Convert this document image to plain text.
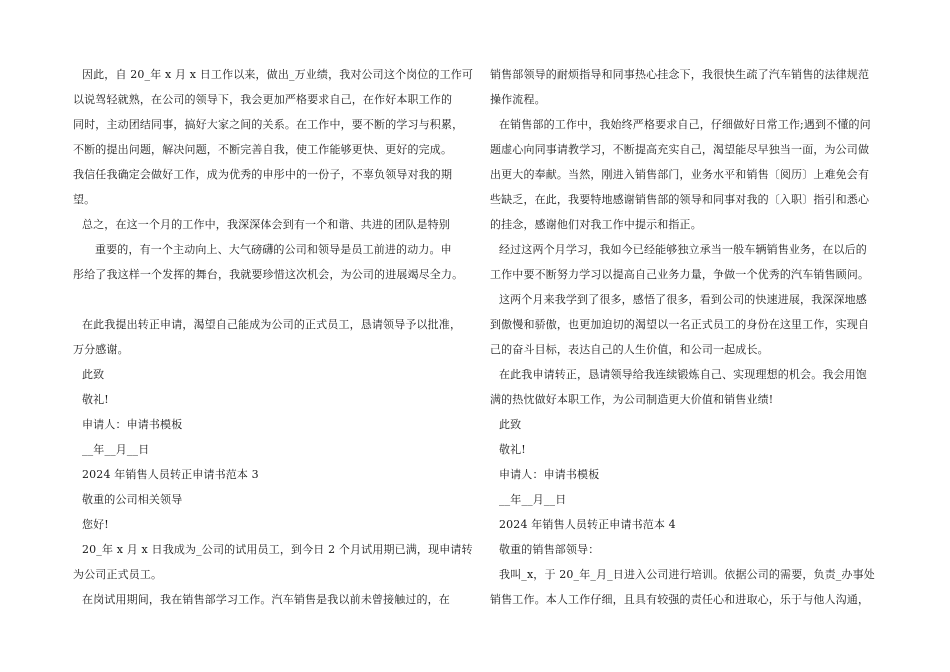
因此，自 20_年 x 月 x 日工作以来，做出_万业绩，我对公司这个岗位的工作可
以说驾轻就熟，在公司的领导下，我会更加严格要求自己，在作好本职工作的
同时，主动团结同事，搞好大家之间的关系。在工作中，要不断的学习与积累，
不断的提出问题，解决问题，不断完善自我，使工作能够更快、更好的完成。
我信任我确定会做好工作，成为优秀的申彤中的一份子，不辜负领导对我的期
望。
总之，在这一个月的工作中，我深深体会到有一个和谐、共进的团队是特别
重要的，有一个主动向上、大气磅礴的公司和领导是员工前进的动力。申
彤给了我这样一个发挥的舞台，我就要珍惜这次机会，为公司的进展竭尽全力。
在此我提出转正申请，渴望自己能成为公司的正式员工，恳请领导予以批准，
万分感谢。
此致
敬礼!
申请人：申请书模板
__年__月__日
2024 年销售人员转正申请书范本 3
敬重的公司相关领导
您好!
20_年 x 月 x 日我成为_公司的试用员工，到今日 2 个月试用期已满，现申请转
为公司正式员工。
在岗试用期间，我在销售部学习工作。汽车销售是我以前未曾接触过的，在
销售部领导的耐烦指导和同事热心挂念下，我很快生疏了汽车销售的法律规范
操作流程。
在销售部的工作中，我始终严格要求自己，仔细做好日常工作;遇到不懂的问
题虚心向同事请教学习，不断提高充实自己，渴望能尽早独当一面，为公司做
出更大的奉献。当然，刚进入销售部门，业务水平和销售〔阅历〕上难免会有
些缺乏，在此，我要特地感谢销售部的领导和同事对我的〔入职〕指引和悉心
的挂念，感谢他们对我工作中提示和指正。
经过这两个月学习，我如今已经能够独立承当一般车辆销售业务，在以后的
工作中要不断努力学习以提高自己业务力量，争做一个优秀的汽车销售顾问。
这两个月来我学到了很多，感悟了很多，看到公司的快速进展，我深深地感
到傲慢和骄傲，也更加迫切的渴望以一名正式员工的身份在这里工作，实现自
己的奋斗目标，表达自己的人生价值，和公司一起成长。
在此我申请转正，恳请领导给我连续锻炼自己、实现理想的机会。我会用饱
满的热忱做好本职工作，为公司制造更大价值和销售业绩!
此致
敬礼!
申请人：申请书模板
__年__月__日
2024 年销售人员转正申请书范本 4
敬重的销售部领导：
我叫_x，于 20_年_月_日进入公司进行培训。依据公司的需要，负责_办事处
销售工作。本人工作仔细，且具有较强的责任心和进取心，乐于与他人沟通，
